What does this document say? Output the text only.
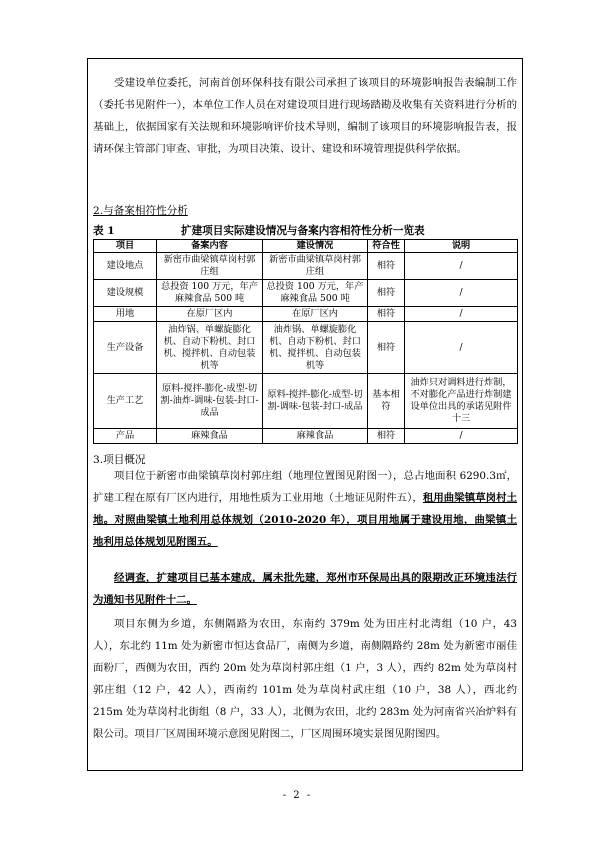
受建设单位委托，河南首创环保科技有限公司承担了该项目的环境影响报告表编制工作（委托书见附件一），本单位工作人员在对建设项目进行现场踏勘及收集有关资料进行分析的基础上，依据国家有关法规和环境影响评价技术导则，编制了该项目的环境影响报告表，报请环保主管部门审查、审批，为项目决策、设计、建设和环境管理提供科学依据。

2.与备案相符性分析
表 1	扩建项目实际建设情况与备案内容相符性分析一览表
项目	备案内容	建设情况	符合性	说明
建设地点	新密市曲梁镇草岗村郭庄组	新密市曲梁镇草岗村郭庄组	相符	/
建设规模	总投资 100 万元，年产麻辣食品 500 吨	总投资 100 万元，年产麻辣食品 500 吨	相符	/
用地	在原厂区内	在原厂区内	相符	/
生产设备	油炸锅、单螺旋膨化机、自动下粉机、封口机、搅拌机、自动包装机等	油炸锅、单螺旋膨化机、自动下粉机、封口机、搅拌机、自动包装机等	相符	/
生产工艺	原料-搅拌-膨化-成型-切割-油炸-调味-包装-封口-成品	原料-搅拌-膨化-成型-切割-调味-包装-封口-成品	基本相符	油炸只对调料进行炸制，不对膨化产品进行炸制建设单位出具的承诺见附件十三
产品	麻辣食品	麻辣食品	相符	/
3.项目概况

项目位于新密市曲梁镇草岗村郭庄组（地理位置图见附图一），总占地面积 6290.3㎡，扩建工程在原有厂区内进行，用地性质为工业用地（土地证见附件五），租用曲梁镇草岗村土地。对照曲梁镇土地利用总体规划（2010-2020 年），项目用地属于建设用地，曲梁镇土地利用总体规划见附图五。

经调查，扩建项目已基本建成，属未批先建，郑州市环保局出具的限期改正环境违法行为通知书见附件十二。

项目东侧为乡道，东侧隔路为农田，东南约 379m 处为田庄村北湾组（10 户，43 人），东北约 11m 处为新密市恒达食品厂，南侧为乡道，南侧隔路约 28m 处为新密市丽佳面粉厂，西侧为农田，西约 20m 处为草岗村郭庄组（1 户，3 人），西约 82m 处为草岗村郭庄组（12 户，42 人），西南约 101m 处为草岗村武庄组（10 户，38 人），西北约 215m 处为草岗村北街组（8 户，33 人），北侧为农田，北约 283m 处为河南省兴冶炉料有限公司。项目厂区周围环境示意图见附图二，厂区周围环境实景图见附图四。

- 2 -
